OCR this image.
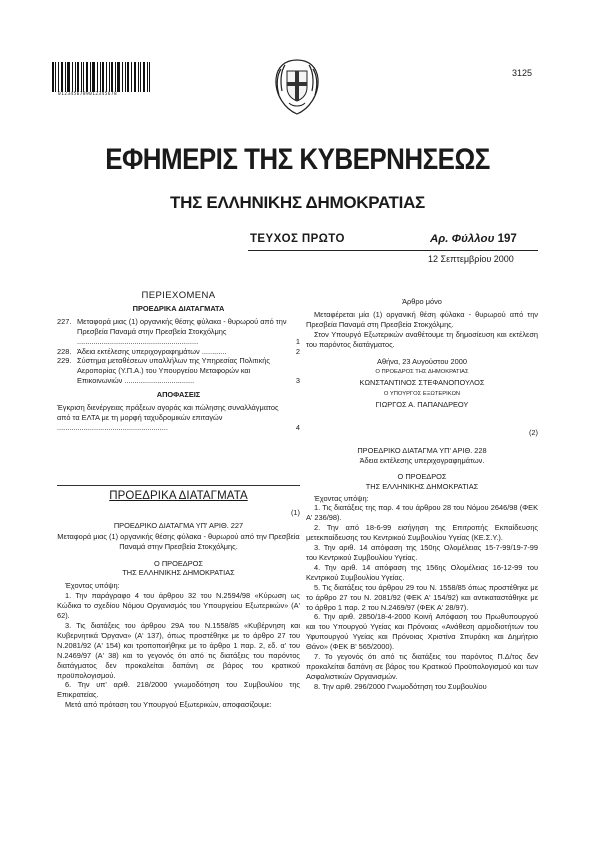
0123456789012345678
3125
ΕΦΗΜΕΡΙΣ ΤΗΣ ΚΥΒΕΡΝΗΣΕΩΣ
ΤΗΣ ΕΛΛΗΝΙΚΗΣ ΔΗΜΟΚΡΑΤΙΑΣ
ΤΕΥΧΟΣ ΠΡΩΤΟ	Αρ. Φύλλου 197
12 Σεπτεμβρίου 2000
ΠΕΡΙΕΧΟΜΕΝΑ
ΠΡΟΕΔΡΙΚΑ ΔΙΑΤΑΓΜΑΤΑ
227. Μεταφορά μιας (1) οργανικής θέσης φύλακα - θυρωρού από την Πρεσβεία Παναμά στην Πρεσβεία Στοκχόλμης ...........................................................	1
228. Άδεια εκτέλεσης υπεριχογραφημάτων ............	2
229. Σύστημα μεταθέσεων υπαλλήλων της Υπηρεσίας Πολιτικής Αεροπορίας (Υ.Π.Α.) του Υπουργείου Μεταφορών και Επικοινωνιών ..................................	3
ΑΠΟΦΑΣΕΙΣ
Έγκριση διενέργειας πράξεων αγοράς και πώλησης συναλλάγματος από τα ΕΛΤΑ με τη μορφή ταχυδρομικών επιταγών ......................................................	4
ΠΡΟΕΔΡΙΚΑ ΔΙΑΤΑΓΜΑΤΑ
(1)
ΠΡΟΕΔΡΙΚΟ ΔΙΑΤΑΓΜΑ ΥΠ' ΑΡΙΘ. 227
Μεταφορά μιας (1) οργανικής θέσης φύλακα - θυρωρού από την Πρεσβεία Παναμά στην Πρεσβεία Στοκχόλμης.
Ο ΠΡΟΕΔΡΟΣ
ΤΗΣ ΕΛΛΗΝΙΚΗΣ ΔΗΜΟΚΡΑΤΙΑΣ

Έχοντας υπόψη:

1. Την παράγραφο 4 του άρθρου 32 του Ν.2594/98 «Κύρωση ως Κώδικα το σχεδίου Νόμου Οργανισμός του Υπουργείου Εξωτερικών» (Α' 62).

3. Τις διατάξεις του άρθρου 29Α του Ν.1558/85 «Κυβέρνηση και Κυβερνητικά Όργανα» (Α' 137), όπως προστέθηκε με το άρθρο 27 του Ν.2081/92 (Α' 154) και τροποποιήθηκε με το άρθρο 1 παρ. 2, εδ. α' του Ν.2469/97 (Α' 38) και το γεγονός ότι από τις διατάξεις του παρόντος διατάγματος δεν προκαλείται δαπάνη σε βάρος του κρατικού προϋπολογισμού.

6. Την υπ' αριθ. 218/2000 γνωμοδότηση του Συμβουλίου της Επικρατείας.

Μετά από πρόταση του Υπουργού Εξωτερικών, αποφασίζουμε:

Άρθρο μόνο

Μεταφέρεται μία (1) οργανική θέση φύλακα - θυρωρού από την Πρεσβεία Παναμά στη Πρεσβεία Στοκχόλμης.

Στον Υπουργό Εξωτερικών αναθέτουμε τη δημοσίευση και εκτέλεση του παρόντος διατάγματος.

Αθήνα, 23 Αυγούστου 2000
Ο ΠΡΟΕΔΡΟΣ ΤΗΣ ΔΗΜΟΚΡΑΤΙΑΣ
ΚΩΝΣΤΑΝΤΙΝΟΣ ΣΤΕΦΑΝΟΠΟΥΛΟΣ
Ο ΥΠΟΥΡΓΟΣ ΕΞΩΤΕΡΙΚΩΝ
ΓΙΩΡΓΟΣ Α. ΠΑΠΑΝΔΡΕΟΥ
(2)
ΠΡΟΕΔΡΙΚΟ ΔΙΑΤΑΓΜΑ ΥΠ' ΑΡΙΘ. 228
Άδεια εκτέλεσης υπεριχογραφημάτων.
Ο ΠΡΟΕΔΡΟΣ
ΤΗΣ ΕΛΛΗΝΙΚΗΣ ΔΗΜΟΚΡΑΤΙΑΣ

Έχοντας υπόψη:

1. Τις διατάξεις της παρ. 4 του άρθρου 28 του Νόμου 2646/98 (ΦΕΚ Α' 236/98).

2. Την από 18-6-99 εισήγηση της Επιτροπής Εκπαίδευσης μετεκπαίδευσης του Κεντρικού Συμβουλίου Υγείας (ΚΕ.Σ.Υ.).

3. Την αριθ. 14 απόφαση της 150ης Ολομέλειας 15-7-99/19-7-99 του Κεντρικού Συμβουλίου Υγείας.

4. Την αριθ. 14 απόφαση της 156ης Ολομέλειας 16-12-99 του Κεντρικού Συμβουλίου Υγείας.

5. Τις διατάξεις του άρθρου 29 του Ν. 1558/85 όπως προστέθηκε με το άρθρο 27 του Ν. 2081/92 (ΦΕΚ Α' 154/92) και αντικαταστάθηκε με το άρθρο 1 παρ. 2 του Ν.2469/97 (ΦΕΚ Α' 28/97).

6. Την αριθ. 2850/18-4-2000 Κοινή Απόφαση του Πρωθυπουργού και του Υπουργού Υγείας και Πρόνοιας «Ανάθεση αρμοδιοτήτων του Υφυπουργού Υγείας και Πρόνοιας Χριστίνα Σπυράκη και Δημήτριο Θάνο» (ΦΕΚ Β' 565/2000).

7. Το γεγονός ότι από τις διατάξεις του παρόντος Π.Δ/τος δεν προκαλείται δαπάνη σε βάρος του Κρατικού Προϋπολογισμού και των Ασφαλιστικών Οργανισμών.

8. Την αριθ. 296/2000 Γνωμοδότηση του Συμβουλίου
